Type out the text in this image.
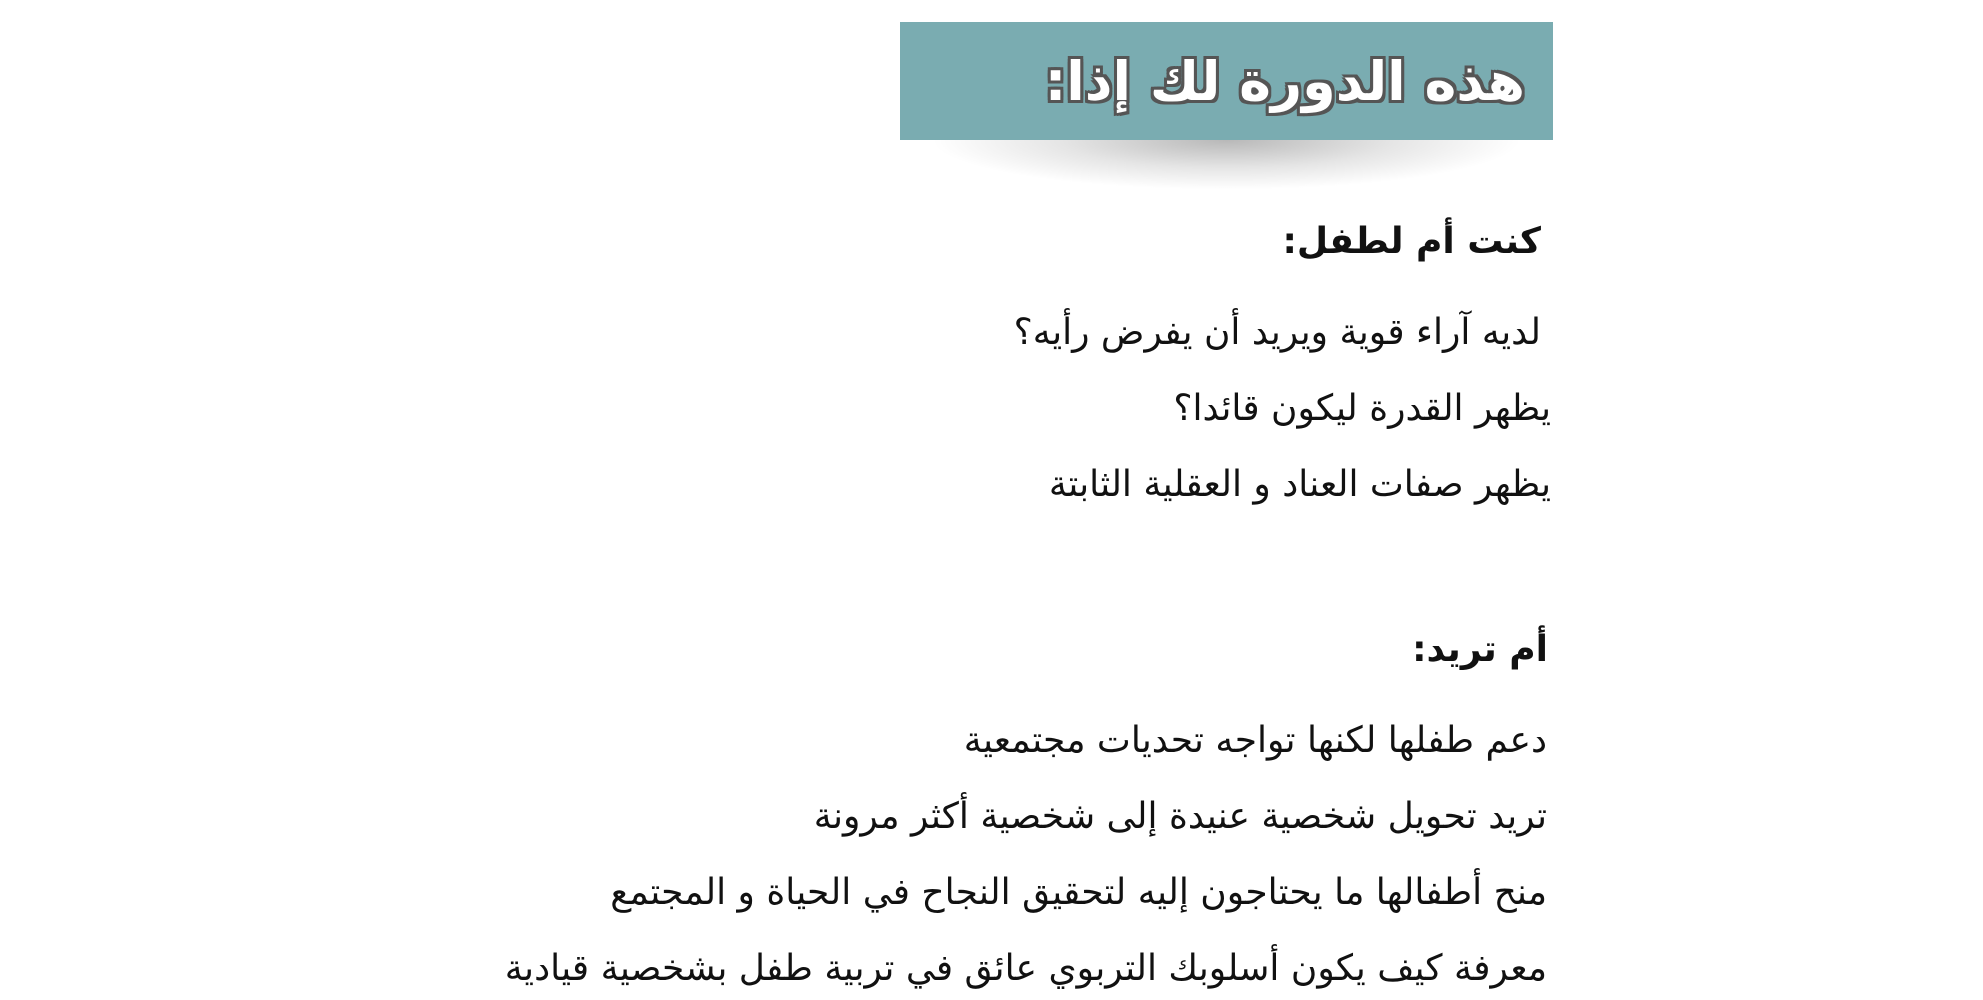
هذه الدورة لك إذا:
كنت أم لطفل:
لديه آراء قوية ويريد أن يفرض رأيه؟
يظهر القدرة ليكون قائدا؟
يظهر صفات العناد و العقلية الثابتة
أم تريد:
دعم طفلها لكنها تواجه تحديات مجتمعية
تريد تحويل شخصية عنيدة إلى شخصية أكثر مرونة
منح أطفالها ما يحتاجون إليه لتحقيق النجاح في الحياة و المجتمع
معرفة كيف يكون أسلوبك التربوي عائق في تربية طفل بشخصية قيادية
